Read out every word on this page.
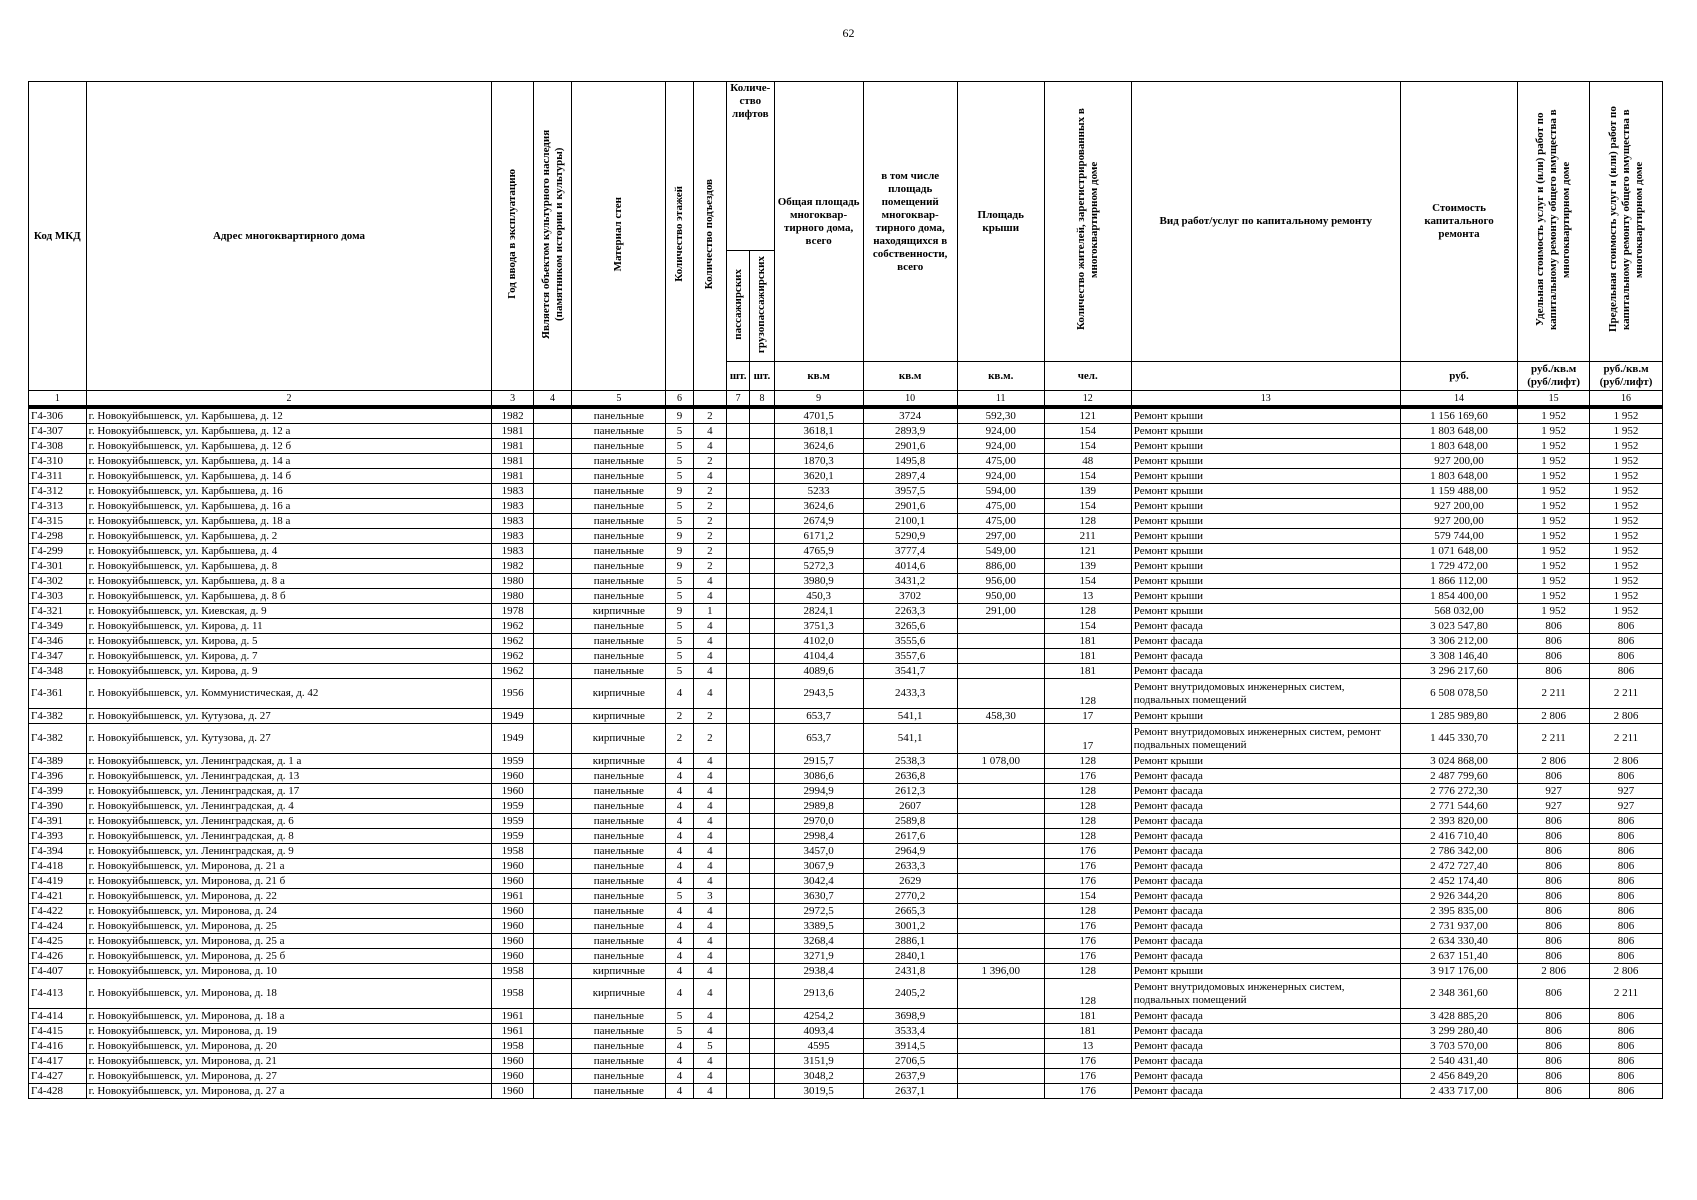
62
Код МКД	Адрес многоквартирного дома	Год ввода в эксплуатацию	Является объектом культурного наследия (памятником истории и культуры)	Материал стен	Количество этажей	Количество подъездов	Количе-ство лифтов		Общая площадь многоквар-тирного дома, всего	в том числе площадь помещений многоквар-тирного дома, находящихся в собственности, всего	Площадь крыши	Количество жителей, зарегистрированных в многоквартирном доме	Вид работ/услуг по капитальному ремонту	Стоимость капитального ремонта	Удельная стоимость услуг и (или) работ по капитальному ремонту общего имущества в многоквартирном доме	Предельная стоимость услуг и (или) работ по капитальному ремонту общего имущества в многоквартирном доме
							пассажирских	грузопассажирских								
							шт.	шт.	кв.м	кв.м	кв.м.	чел.		руб.	руб./кв.м (руб/лифт)	руб./кв.м (руб/лифт)
1	2	3	4	5	6		7	8	9	10	11	12	13	14	15	16

Г4-306	г. Новокуйбышевск, ул. Карбышева, д. 12	1982		панельные	9	2			4701,5	3724	592,30	121	Ремонт крыши	1 156 169,60	1 952	1 952
Г4-307	г. Новокуйбышевск, ул. Карбышева, д. 12 а	1981		панельные	5	4			3618,1	2893,9	924,00	154	Ремонт крыши	1 803 648,00	1 952	1 952
Г4-308	г. Новокуйбышевск, ул. Карбышева, д. 12 б	1981		панельные	5	4			3624,6	2901,6	924,00	154	Ремонт крыши	1 803 648,00	1 952	1 952
Г4-310	г. Новокуйбышевск, ул. Карбышева, д. 14 а	1981		панельные	5	2			1870,3	1495,8	475,00	48	Ремонт крыши	927 200,00	1 952	1 952
Г4-311	г. Новокуйбышевск, ул. Карбышева, д. 14 б	1981		панельные	5	4			3620,1	2897,4	924,00	154	Ремонт крыши	1 803 648,00	1 952	1 952
Г4-312	г. Новокуйбышевск, ул. Карбышева, д. 16	1983		панельные	9	2			5233	3957,5	594,00	139	Ремонт крыши	1 159 488,00	1 952	1 952
Г4-313	г. Новокуйбышевск, ул. Карбышева, д. 16 а	1983		панельные	5	2			3624,6	2901,6	475,00	154	Ремонт крыши	927 200,00	1 952	1 952
Г4-315	г. Новокуйбышевск, ул. Карбышева, д. 18 а	1983		панельные	5	2			2674,9	2100,1	475,00	128	Ремонт крыши	927 200,00	1 952	1 952
Г4-298	г. Новокуйбышевск, ул. Карбышева, д. 2	1983		панельные	9	2			6171,2	5290,9	297,00	211	Ремонт крыши	579 744,00	1 952	1 952
Г4-299	г. Новокуйбышевск, ул. Карбышева, д. 4	1983		панельные	9	2			4765,9	3777,4	549,00	121	Ремонт крыши	1 071 648,00	1 952	1 952
Г4-301	г. Новокуйбышевск, ул. Карбышева, д. 8	1982		панельные	9	2			5272,3	4014,6	886,00	139	Ремонт крыши	1 729 472,00	1 952	1 952
Г4-302	г. Новокуйбышевск, ул. Карбышева, д. 8 а	1980		панельные	5	4			3980,9	3431,2	956,00	154	Ремонт крыши	1 866 112,00	1 952	1 952
Г4-303	г. Новокуйбышевск, ул. Карбышева, д. 8 б	1980		панельные	5	4			450,3	3702	950,00	13	Ремонт крыши	1 854 400,00	1 952	1 952
Г4-321	г. Новокуйбышевск, ул. Киевская, д. 9	1978		кирпичные	9	1			2824,1	2263,3	291,00	128	Ремонт крыши	568 032,00	1 952	1 952
Г4-349	г. Новокуйбышевск, ул. Кирова, д. 11	1962		панельные	5	4			3751,3	3265,6		154	Ремонт фасада	3 023 547,80	806	806
Г4-346	г. Новокуйбышевск, ул. Кирова, д. 5	1962		панельные	5	4			4102,0	3555,6		181	Ремонт фасада	3 306 212,00	806	806
Г4-347	г. Новокуйбышевск, ул. Кирова, д. 7	1962		панельные	5	4			4104,4	3557,6		181	Ремонт фасада	3 308 146,40	806	806
Г4-348	г. Новокуйбышевск, ул. Кирова, д. 9	1962		панельные	5	4			4089,6	3541,7		181	Ремонт фасада	3 296 217,60	806	806
Г4-361	г. Новокуйбышевск, ул. Коммунистическая, д. 42	1956		кирпичные	4	4			2943,5	2433,3		128	Ремонт внутридомовых инженерных систем, подвальных помещений	6 508 078,50	2 211	2 211
Г4-382	г. Новокуйбышевск, ул. Кутузова, д. 27	1949		кирпичные	2	2			653,7	541,1	458,30	17	Ремонт крыши	1 285 989,80	2 806	2 806
Г4-382	г. Новокуйбышевск, ул. Кутузова, д. 27	1949		кирпичные	2	2			653,7	541,1		17	Ремонт внутридомовых инженерных систем, ремонт подвальных помещений	1 445 330,70	2 211	2 211
Г4-389	г. Новокуйбышевск, ул. Ленинградская, д. 1 а	1959		кирпичные	4	4			2915,7	2538,3	1 078,00	128	Ремонт крыши	3 024 868,00	2 806	2 806
Г4-396	г. Новокуйбышевск, ул. Ленинградская, д. 13	1960		панельные	4	4			3086,6	2636,8		176	Ремонт фасада	2 487 799,60	806	806
Г4-399	г. Новокуйбышевск, ул. Ленинградская, д. 17	1960		панельные	4	4			2994,9	2612,3		128	Ремонт фасада	2 776 272,30	927	927
Г4-390	г. Новокуйбышевск, ул. Ленинградская, д. 4	1959		панельные	4	4			2989,8	2607		128	Ремонт фасада	2 771 544,60	927	927
Г4-391	г. Новокуйбышевск, ул. Ленинградская, д. 6	1959		панельные	4	4			2970,0	2589,8		128	Ремонт фасада	2 393 820,00	806	806
Г4-393	г. Новокуйбышевск, ул. Ленинградская, д. 8	1959		панельные	4	4			2998,4	2617,6		128	Ремонт фасада	2 416 710,40	806	806
Г4-394	г. Новокуйбышевск, ул. Ленинградская, д. 9	1958		панельные	4	4			3457,0	2964,9		176	Ремонт фасада	2 786 342,00	806	806
Г4-418	г. Новокуйбышевск, ул. Миронова, д. 21 а	1960		панельные	4	4			3067,9	2633,3		176	Ремонт фасада	2 472 727,40	806	806
Г4-419	г. Новокуйбышевск, ул. Миронова, д. 21 б	1960		панельные	4	4			3042,4	2629		176	Ремонт фасада	2 452 174,40	806	806
Г4-421	г. Новокуйбышевск, ул. Миронова, д. 22	1961		панельные	5	3			3630,7	2770,2		154	Ремонт фасада	2 926 344,20	806	806
Г4-422	г. Новокуйбышевск, ул. Миронова, д. 24	1960		панельные	4	4			2972,5	2665,3		128	Ремонт фасада	2 395 835,00	806	806
Г4-424	г. Новокуйбышевск, ул. Миронова, д. 25	1960		панельные	4	4			3389,5	3001,2		176	Ремонт фасада	2 731 937,00	806	806
Г4-425	г. Новокуйбышевск, ул. Миронова, д. 25 а	1960		панельные	4	4			3268,4	2886,1		176	Ремонт фасада	2 634 330,40	806	806
Г4-426	г. Новокуйбышевск, ул. Миронова, д. 25 б	1960		панельные	4	4			3271,9	2840,1		176	Ремонт фасада	2 637 151,40	806	806
Г4-407	г. Новокуйбышевск, ул. Миронова, д. 10	1958		кирпичные	4	4			2938,4	2431,8	1 396,00	128	Ремонт крыши	3 917 176,00	2 806	2 806
Г4-413	г. Новокуйбышевск, ул. Миронова, д. 18	1958		кирпичные	4	4			2913,6	2405,2		128	Ремонт внутридомовых инженерных систем, подвальных помещений	2 348 361,60	806	2 211
Г4-414	г. Новокуйбышевск, ул. Миронова, д. 18 а	1961		панельные	5	4			4254,2	3698,9		181	Ремонт фасада	3 428 885,20	806	806
Г4-415	г. Новокуйбышевск, ул. Миронова, д. 19	1961		панельные	5	4			4093,4	3533,4		181	Ремонт фасада	3 299 280,40	806	806
Г4-416	г. Новокуйбышевск, ул. Миронова, д. 20	1958		панельные	4	5			4595	3914,5		13	Ремонт фасада	3 703 570,00	806	806
Г4-417	г. Новокуйбышевск, ул. Миронова, д. 21	1960		панельные	4	4			3151,9	2706,5		176	Ремонт фасада	2 540 431,40	806	806
Г4-427	г. Новокуйбышевск, ул. Миронова, д. 27	1960		панельные	4	4			3048,2	2637,9		176	Ремонт фасада	2 456 849,20	806	806
Г4-428	г. Новокуйбышевск, ул. Миронова, д. 27 а	1960		панельные	4	4			3019,5	2637,1		176	Ремонт фасада	2 433 717,00	806	806
